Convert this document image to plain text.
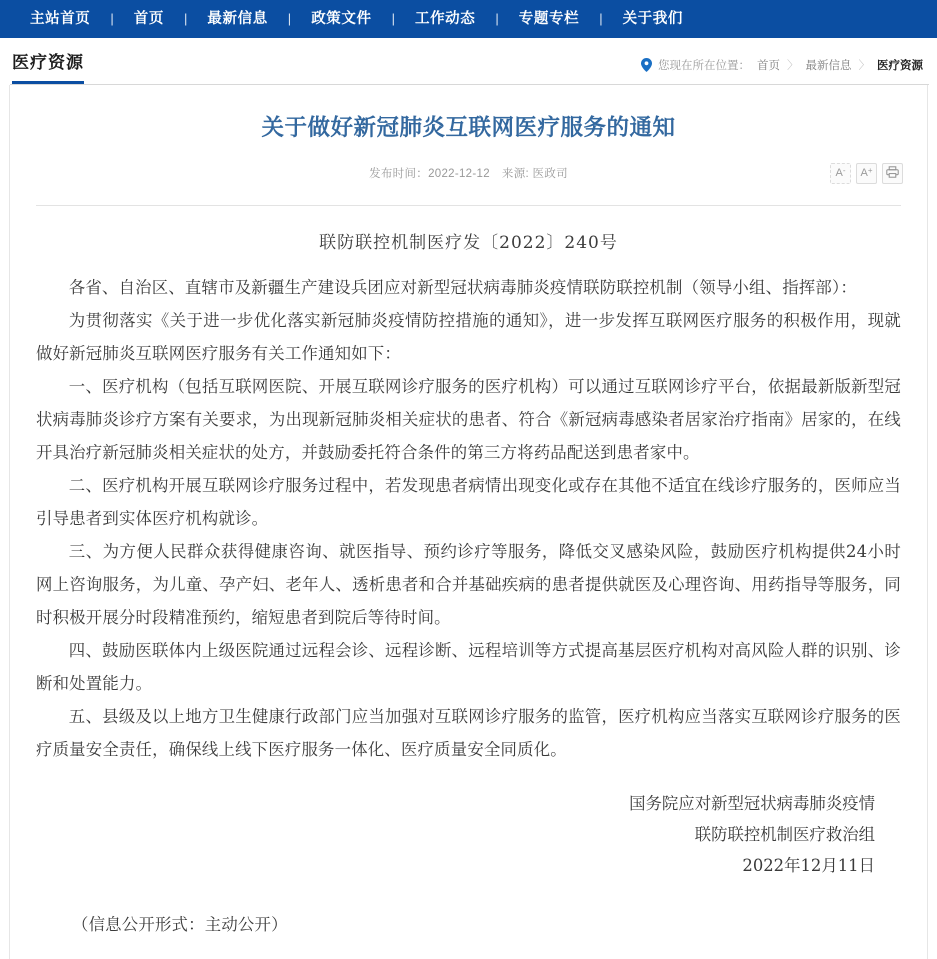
主站首页	|	首页	|	最新信息	|	政策文件	|	工作动态	|	专题专栏	|	关于我们
医疗资源	您现在所在位置： 首页 〉 最新信息 〉 医疗资源
关于做好新冠肺炎互联网医疗服务的通知
发布时间：2022-12-12 来源: 医政司	A - A +
联防联控机制医疗发〔2022〕240号

各省、自治区、直辖市及新疆生产建设兵团应对新型冠状病毒肺炎疫情联防联控机制（领导小组、指挥部）：

为贯彻落实《关于进一步优化落实新冠肺炎疫情防控措施的通知》，进一步发挥互联网医疗服务的积极作用，现就做好新冠肺炎互联网医疗服务有关工作通知如下：

一、医疗机构（包括互联网医院、开展互联网诊疗服务的医疗机构）可以通过互联网诊疗平台，依据最新版新型冠状病毒肺炎诊疗方案有关要求，为出现新冠肺炎相关症状的患者、符合《新冠病毒感染者居家治疗指南》居家的，在线开具治疗新冠肺炎相关症状的处方，并鼓励委托符合条件的第三方将药品配送到患者家中。

二、医疗机构开展互联网诊疗服务过程中，若发现患者病情出现变化或存在其他不适宜在线诊疗服务的，医师应当引导患者到实体医疗机构就诊。

三、为方便人民群众获得健康咨询、就医指导、预约诊疗等服务，降低交叉感染风险，鼓励医疗机构提供24小时网上咨询服务，为儿童、孕产妇、老年人、透析患者和合并基础疾病的患者提供就医及心理咨询、用药指导等服务，同时积极开展分时段精准预约，缩短患者到院后等待时间。

四、鼓励医联体内上级医院通过远程会诊、远程诊断、远程培训等方式提高基层医疗机构对高风险人群的识别、诊断和处置能力。

五、县级及以上地方卫生健康行政部门应当加强对互联网诊疗服务的监管，医疗机构应当落实互联网诊疗服务的医疗质量安全责任，确保线上线下医疗服务一体化、医疗质量安全同质化。

国务院应对新型冠状病毒肺炎疫情
联防联控机制医疗救治组
2022年12月11日
（信息公开形式：主动公开）
